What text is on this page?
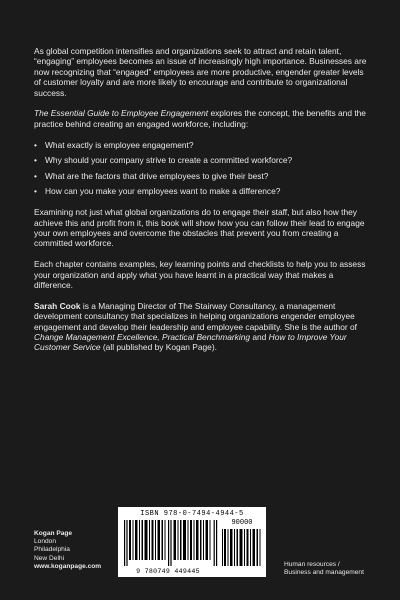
As global competition intensifies and organizations seek to attract and retain talent, “engaging” employees becomes an issue of increasingly high importance. Businesses are now recognizing that “engaged” employees are more productive, engender greater levels of customer loyalty and are more likely to encourage and contribute to organizational success.

The Essential Guide to Employee Engagement explores the concept, the benefits and the practice behind creating an engaged workforce, including:

• What exactly is employee engagement?
• Why should your company strive to create a committed workforce?
• What are the factors that drive employees to give their best?
• How can you make your employees want to make a difference?

Examining not just what global organizations do to engage their staff, but also how they achieve this and profit from it, this book will show how you can follow their lead to engage your own employees and overcome the obstacles that prevent you from creating a committed workforce.

Each chapter contains examples, key learning points and checklists to help you to assess your organization and apply what you have learnt in a practical way that makes a difference.

Sarah Cook is a Managing Director of The Stairway Consultancy, a management development consultancy that specializes in helping organizations engender employee engagement and develop their leadership and employee capability. She is the author of Change Management Excellence, Practical Benchmarking and How to Improve Your Customer Service (all published by Kogan Page).

ISBN 978-0-7494-4944-5
90000
9 780749 449445
Kogan Page
London
Philadelphia
New Delhi
www.koganpage.com	Human resources /
Business and management
